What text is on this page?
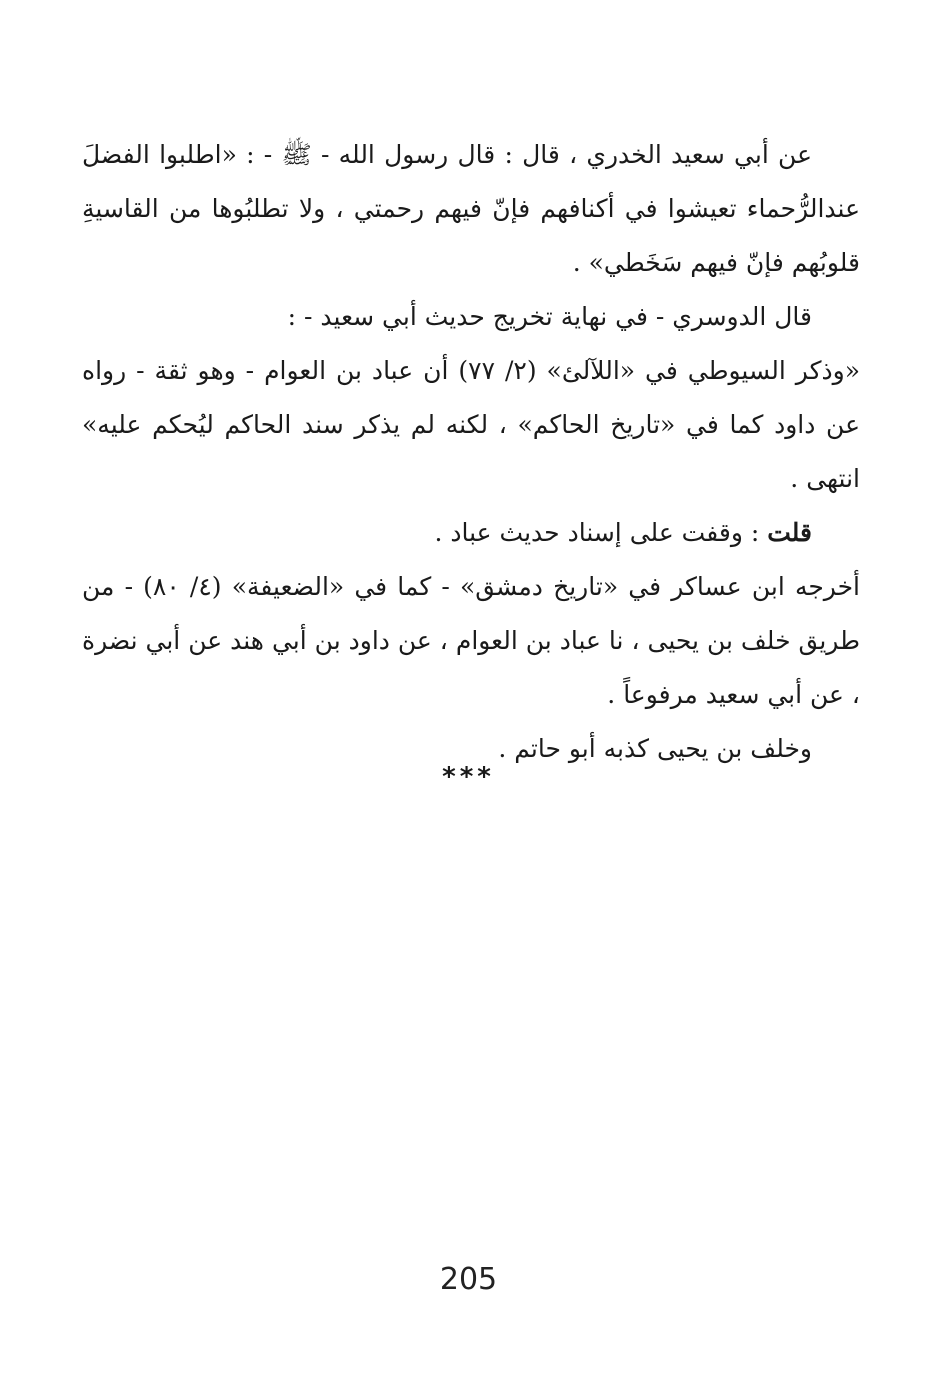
عن أبي سعيد الخدري ، قال : قال رسول الله - ﷺ - : «اطلبوا الفضلَ عندالرُّحماء تعيشوا في أكنافهم فإنّ فيهم رحمتي ، ولا تطلبُوها من القاسيةِ قلوبُهم فإنّ فيهم سَخَطي» .

قال الدوسري - في نهاية تخريج حديث أبي سعيد - :

«وذكر السيوطي في «اللآلئ» (٢/ ٧٧) أن عباد بن العوام - وهو ثقة - رواه عن داود كما في «تاريخ الحاكم» ، لكنه لم يذكر سند الحاكم ليُحكم عليه» انتهى .

قلت : وقفت على إسناد حديث عباد .

أخرجه ابن عساكر في «تاريخ دمشق» - كما في «الضعيفة» (٤/ ٨٠) - من طريق خلف بن يحيى ، نا عباد بن العوام ، عن داود بن أبي هند عن أبي نضرة ، عن أبي سعيد مرفوعاً .

وخلف بن يحيى كذبه أبو حاتم .

***
205
